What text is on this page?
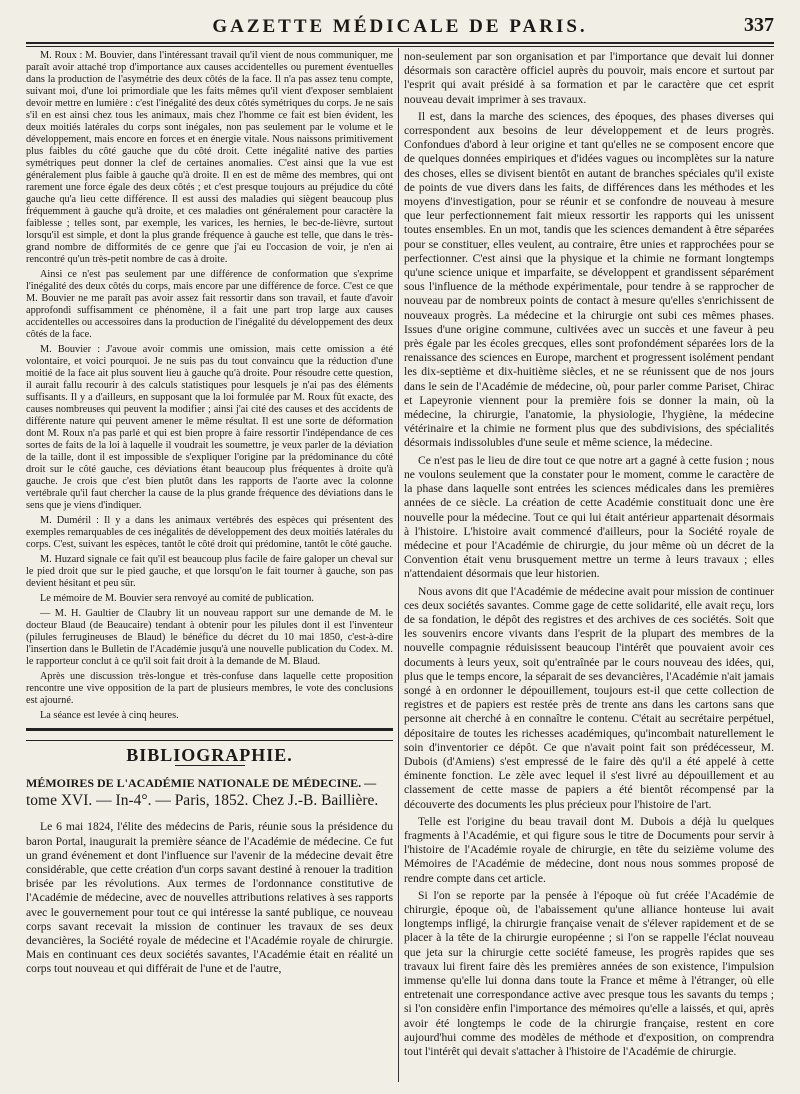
GAZETTE MÉDICALE DE PARIS.	337

M. Roux : M. Bouvier, dans l'intéressant travail qu'il vient de nous communiquer, me paraît avoir attaché trop d'importance aux causes accidentelles ou purement éventuelles dans la production de l'asymétrie des deux côtés de la face. Il n'a pas assez tenu compte, suivant moi, d'une loi primordiale que les faits mêmes qu'il vient d'exposer semblaient devoir mettre en lumière : c'est l'inégalité des deux côtés symétriques du corps. Je ne sais s'il en est ainsi chez tous les animaux, mais chez l'homme ce fait est bien évident, les deux moitiés latérales du corps sont inégales, non pas seulement par le volume et le développement, mais encore en forces et en énergie vitale. Nous naissons primitivement plus faibles du côté gauche que du côté droit. Cette inégalité native des parties symétriques peut donner la clef de certaines anomalies. C'est ainsi que la vue est généralement plus faible à gauche qu'à droite. Il en est de même des membres, qui ont rarement une force égale des deux côtés ; et c'est presque toujours au préjudice du côté gauche qu'a lieu cette différence. Il est aussi des maladies qui siègent beaucoup plus fréquemment à gauche qu'à droite, et ces maladies ont généralement pour caractère la faiblesse ; telles sont, par exemple, les varices, les hernies, le bec-de-lièvre, surtout lorsqu'il est simple, et dont la plus grande fréquence à gauche est telle, que dans le très-grand nombre de difformités de ce genre que j'ai eu l'occasion de voir, je n'en ai rencontré qu'un très-petit nombre de cas à droite.

Ainsi ce n'est pas seulement par une différence de conformation que s'exprime l'inégalité des deux côtés du corps, mais encore par une différence de force. C'est ce que M. Bouvier ne me paraît pas avoir assez fait ressortir dans son travail, et faute d'avoir approfondi suffisamment ce phénomène, il a fait une part trop large aux causes accidentelles ou accessoires dans la production de l'inégalité du développement des deux côtés de la face.

M. Bouvier : J'avoue avoir commis une omission, mais cette omission a été volontaire, et voici pourquoi. Je ne suis pas du tout convaincu que la réduction d'une moitié de la face ait plus souvent lieu à gauche qu'à droite. Pour résoudre cette question, il aurait fallu recourir à des calculs statistiques pour lesquels je n'ai pas des éléments suffisants. Il y a d'ailleurs, en supposant que la loi formulée par M. Roux fût exacte, des causes nombreuses qui peuvent la modifier ; ainsi j'ai cité des causes et des accidents de différente nature qui peuvent amener le même résultat. Il est une sorte de déformation dont M. Roux n'a pas parlé et qui est bien propre à faire ressortir l'indépendance de ces sortes de faits de la loi à laquelle il voudrait les soumettre, je veux parler de la déviation de la taille, dont il est impossible de s'expliquer l'origine par la prédominance du côté droit sur le côté gauche, ces déviations étant beaucoup plus fréquentes à droite qu'à gauche. Je crois que c'est bien plutôt dans les rapports de l'aorte avec la colonne vertébrale qu'il faut chercher la cause de la plus grande fréquence des déviations dans le sens que je viens d'indiquer.

M. Duméril : Il y a dans les animaux vertébrés des espèces qui présentent des exemples remarquables de ces inégalités de développement des deux moitiés latérales du corps. C'est, suivant les espèces, tantôt le côté droit qui prédomine, tantôt le côté gauche.

M. Huzard signale ce fait qu'il est beaucoup plus facile de faire galoper un cheval sur le pied droit que sur le pied gauche, et que lorsqu'on le fait tourner à gauche, son pas devient hésitant et peu sûr.

Le mémoire de M. Bouvier sera renvoyé au comité de publication.

— M. H. Gaultier de Claubry lit un nouveau rapport sur une demande de M. le docteur Blaud (de Beaucaire) tendant à obtenir pour les pilules dont il est l'inventeur (pilules ferrugineuses de Blaud) le bénéfice du décret du 10 mai 1850, c'est-à-dire l'insertion dans le Bulletin de l'Académie jusqu'à une nouvelle publication du Codex. M. le rapporteur conclut à ce qu'il soit fait droit à la demande de M. Blaud.

Après une discussion très-longue et très-confuse dans laquelle cette proposition rencontre une vive opposition de la part de plusieurs membres, le vote des conclusions est ajourné.

La séance est levée à cinq heures.

BIBLIOGRAPHIE.
MÉMOIRES DE L'ACADÉMIE NATIONALE DE MÉDECINE. —
tome XVI. — In-4°. — Paris, 1852. Chez J.-B. Baillière.

Le 6 mai 1824, l'élite des médecins de Paris, réunie sous la présidence du baron Portal, inaugurait la première séance de l'Académie de médecine. Ce fut un grand événement et dont l'influence sur l'avenir de la médecine devait être considérable, que cette création d'un corps savant destiné à renouer la tradition brisée par les révolutions. Aux termes de l'ordonnance constitutive de l'Académie de médecine, avec de nouvelles attributions relatives à ses rapports avec le gouvernement pour tout ce qui intéresse la santé publique, ce nouveau corps savant recevait la mission de continuer les travaux de ses deux devancières, la Société royale de médecine et l'Académie royale de chirurgie. Mais en continuant ces deux sociétés savantes, l'Académie était en réalité un corps tout nouveau et qui différait de l'une et de l'autre,

non-seulement par son organisation et par l'importance que devait lui donner désormais son caractère officiel auprès du pouvoir, mais encore et surtout par l'esprit qui avait présidé à sa formation et par le caractère que cet esprit nouveau devait imprimer à ses travaux.

Il est, dans la marche des sciences, des époques, des phases diverses qui correspondent aux besoins de leur développement et de leurs progrès. Confondues d'abord à leur origine et tant qu'elles ne se composent encore que de quelques données empiriques et d'idées vagues ou incomplètes sur la nature des choses, elles se divisent bientôt en autant de branches spéciales qu'il existe de points de vue divers dans les faits, de différences dans les méthodes et les moyens d'investigation, pour se réunir et se confondre de nouveau à mesure que leur perfectionnement fait mieux ressortir les rapports qui les unissent toutes ensembles. En un mot, tandis que les sciences demandent à être séparées pour se constituer, elles veulent, au contraire, être unies et rapprochées pour se perfectionner. C'est ainsi que la physique et la chimie ne formant longtemps qu'une science unique et imparfaite, se développent et grandissent séparément sous l'influence de la méthode expérimentale, pour tendre à se rapprocher de nouveau par de nombreux points de contact à mesure qu'elles s'enrichissent de nouveaux progrès. La médecine et la chirurgie ont subi ces mêmes phases. Issues d'une origine commune, cultivées avec un succès et une faveur à peu près égale par les écoles grecques, elles sont profondément séparées lors de la renaissance des sciences en Europe, marchent et progressent isolément pendant les dix-septième et dix-huitième siècles, et ne se réunissent que de nos jours dans le sein de l'Académie de médecine, où, pour parler comme Pariset, Chirac et Lapeyronie viennent pour la première fois se donner la main, où la médecine, la chirurgie, l'anatomie, la physiologie, l'hygiène, la médecine vétérinaire et la chimie ne forment plus que des subdivisions, des spécialités désormais indissolubles d'une seule et même science, la médecine.

Ce n'est pas le lieu de dire tout ce que notre art a gagné à cette fusion ; nous ne voulons seulement que la constater pour le moment, comme le caractère de la phase dans laquelle sont entrées les sciences médicales dans les premières années de ce siècle. La création de cette Académie constituait donc une ère nouvelle pour la médecine. Tout ce qui lui était antérieur appartenait désormais à l'histoire. L'histoire avait commencé d'ailleurs, pour la Société royale de médecine et pour l'Académie de chirurgie, du jour même où un décret de la Convention était venu brusquement mettre un terme à leurs travaux ; elles n'attendaient désormais que leur historien.

Nous avons dit que l'Académie de médecine avait pour mission de continuer ces deux sociétés savantes. Comme gage de cette solidarité, elle avait reçu, lors de sa fondation, le dépôt des registres et des archives de ces sociétés. Soit que les souvenirs encore vivants dans l'esprit de la plupart des membres de la nouvelle compagnie réduisissent beaucoup l'intérêt que pouvaient avoir ces documents à leurs yeux, soit qu'entraînée par le cours nouveau des idées, qui, plus que le temps encore, la séparait de ses devancières, l'Académie n'ait jamais songé à en ordonner le dépouillement, toujours est-il que cette collection de registres et de papiers est restée près de trente ans dans les cartons sans que personne ait cherché à en connaître le contenu. C'était au secrétaire perpétuel, dépositaire de toutes les richesses académiques, qu'incombait naturellement le soin d'inventorier ce dépôt. Ce que n'avait point fait son prédécesseur, M. Dubois (d'Amiens) s'est empressé de le faire dès qu'il a été appelé à cette éminente fonction. Le zèle avec lequel il s'est livré au dépouillement et au classement de cette masse de papiers a été bientôt récompensé par la découverte des documents les plus précieux pour l'histoire de l'art.

Telle est l'origine du beau travail dont M. Dubois a déjà lu quelques fragments à l'Académie, et qui figure sous le titre de Documents pour servir à l'histoire de l'Académie royale de chirurgie, en tête du seizième volume des Mémoires de l'Académie de médecine, dont nous nous sommes proposé de rendre compte dans cet article.

Si l'on se reporte par la pensée à l'époque où fut créée l'Académie de chirurgie, époque où, de l'abaissement qu'une alliance honteuse lui avait longtemps infligé, la chirurgie française venait de s'élever rapidement et de se placer à la tête de la chirurgie européenne ; si l'on se rappelle l'éclat nouveau que jeta sur la chirurgie cette société fameuse, les progrès rapides que ses travaux lui firent faire dès les premières années de son existence, l'impulsion immense qu'elle lui donna dans toute la France et même à l'étranger, où elle entretenait une correspondance active avec presque tous les savants du temps ; si l'on considère enfin l'importance des mémoires qu'elle a laissés, et qui, après avoir été longtemps le code de la chirurgie française, restent en core aujourd'hui comme des modèles de méthode et d'exposition, on comprendra tout l'intérêt qui devait s'attacher à l'histoire de l'Académie de chirurgie.
